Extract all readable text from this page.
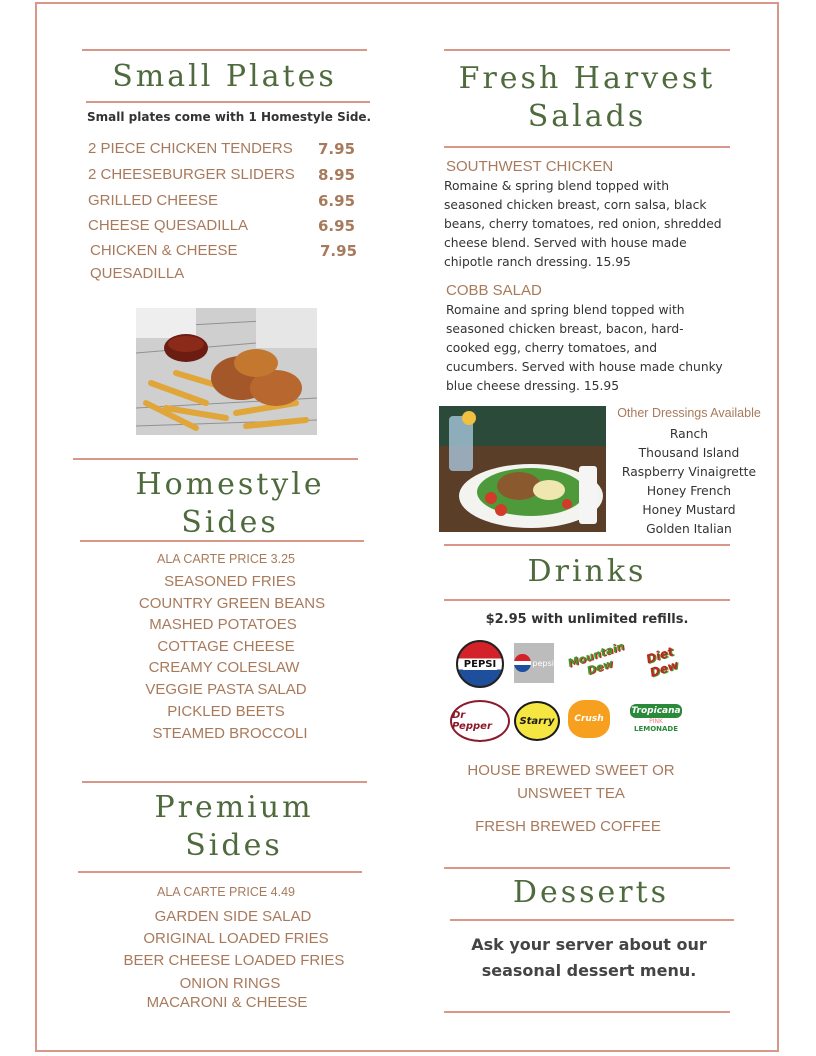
Small Plates
Small plates come with 1 Homestyle Side.
2 PIECE CHICKEN TENDERS 7.95
2 CHEESEBURGER SLIDERS 8.95
GRILLED CHEESE	6.95
CHEESE QUESADILLA	6.95
CHICKEN & CHEESE	7.95
QUESADILLA
Homestyle
Sides
ALA CARTE PRICE 3.25
SEASONED FRIES
COUNTRY GREEN BEANS
MASHED POTATOES
COTTAGE CHEESE
CREAMY COLESLAW
VEGGIE PASTA SALAD
PICKLED BEETS
STEAMED BROCCOLI
Premium
Sides
ALA CARTE PRICE 4.49
GARDEN SIDE SALAD
ORIGINAL LOADED FRIES
BEER CHEESE LOADED FRIES
ONION RINGS
MACARONI & CHEESE
Fresh Harvest
Salads
SOUTHWEST CHICKEN
Romaine & spring blend topped with
seasoned chicken breast, corn salsa, black
beans, cherry tomatoes, red onion, shredded
cheese blend. Served with house made
chipotle ranch dressing. 15.95
COBB SALAD
Romaine and spring blend topped with
seasoned chicken breast, bacon, hard-
cooked egg, cherry tomatoes, and
cucumbers. Served with house made chunky
blue cheese dressing. 15.95
Other Dressings Available
Ranch
Thousand Island
Raspberry Vinaigrette
Honey French
Honey Mustard
Golden Italian
Drinks
$2.95 with unlimited refills.
PEPSI	pepsi Mountain Dew
Diet Dew
Dr Pepper	Starry Crush
Tropicana
PINK
LEMONADE
HOUSE BREWED SWEET OR
UNSWEET TEA
FRESH BREWED COFFEE
Desserts
Ask your server about our
seasonal dessert menu.
